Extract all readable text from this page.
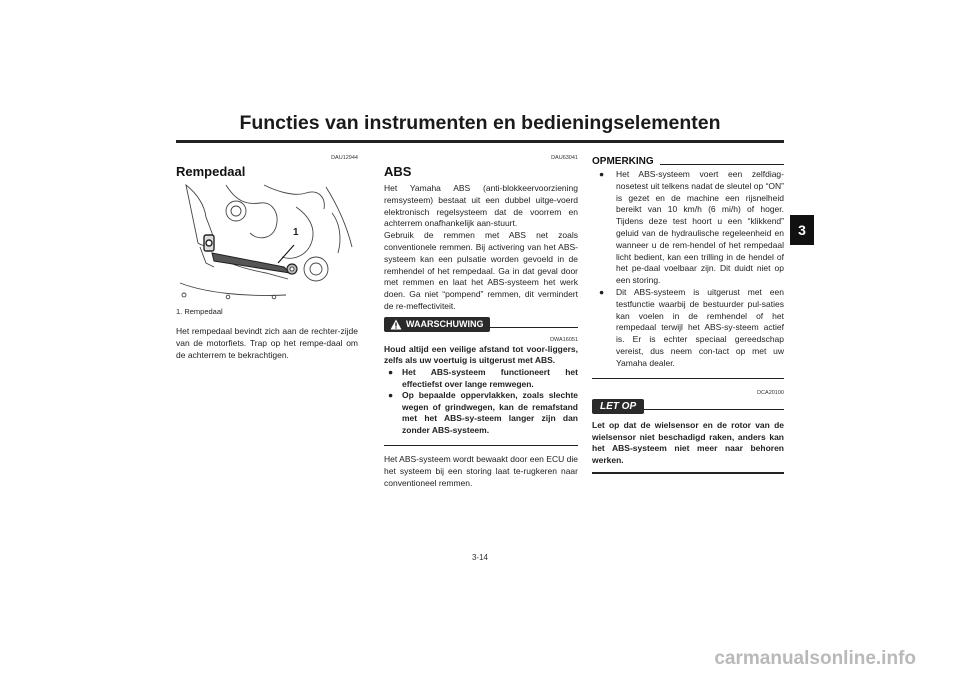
Functies van instrumenten en bedieningselementen
3
DAU12944
Rempedaal
1
1. Rempedaal

Het rempedaal bevindt zich aan de rechter-zijde van de motorfiets. Trap op het rempe-daal om de achterrem te bekrachtigen.

DAU63041
ABS

Het Yamaha ABS (anti-blokkeervoorziening remsysteem) bestaat uit een dubbel uitge-voerd elektronisch regelsysteem dat de voorrem en achterrem onafhankelijk aan-stuurt.

Gebruik de remmen met ABS net zoals conventionele remmen. Bij activering van het ABS-systeem kan een pulsatie worden gevoeld in de remhendel of het rempedaal. Ga in dat geval door met remmen en laat het ABS-systeem het werk doen. Ga niet “pompend” remmen, dit vermindert de re-meffectiviteit.

WAARSCHUWING
DWA16051

Houd altijd een veilige afstand tot voor-liggers, zelfs als uw voertuig is uitgerust met ABS.

● Het ABS-systeem functioneert het effectiefst over lange remwegen.
● Op bepaalde oppervlakken, zoals slechte wegen of grindwegen, kan de remafstand met het ABS-sy-steem langer zijn dan zonder ABS-systeem.

Het ABS-systeem wordt bewaakt door een ECU die het systeem bij een storing laat te-rugkeren naar conventioneel remmen.

OPMERKING
● Het ABS-systeem voert een zelfdiag-nosetest uit telkens nadat de sleutel op “ON” is gezet en de machine een rijsnelheid bereikt van 10 km/h (6 mi/h) of hoger. Tijdens deze test hoort u een “klikkend” geluid van de hydraulische regeleenheid en wanneer u de rem-hendel of het rempedaal licht bedient, kan een trilling in de hendel of het pe-daal voelbaar zijn. Dit duidt niet op een storing.
● Dit ABS-systeem is uitgerust met een testfunctie waarbij de bestuurder pul-saties kan voelen in de remhendel of het rempedaal terwijl het ABS-sy-steem actief is. Er is echter speciaal gereedschap vereist, dus neem con-tact op met uw Yamaha dealer.
DCA20100
LET OP

Let op dat de wielsensor en de rotor van de wielsensor niet beschadigd raken, anders kan het ABS-systeem niet meer naar behoren werken.

3-14
carmanualsonline.info
